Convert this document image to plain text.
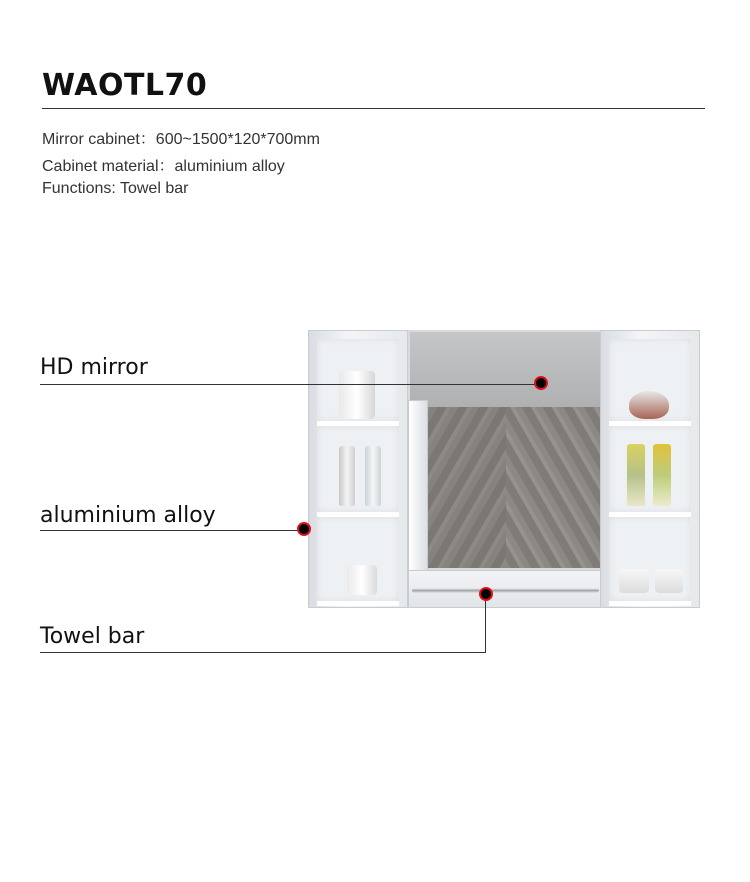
WAOTL70
Mirror cabinet：600~1500*120*700mm
Cabinet material：aluminium alloy
Functions: Towel bar
HD mirror
aluminium alloy
Towel bar
